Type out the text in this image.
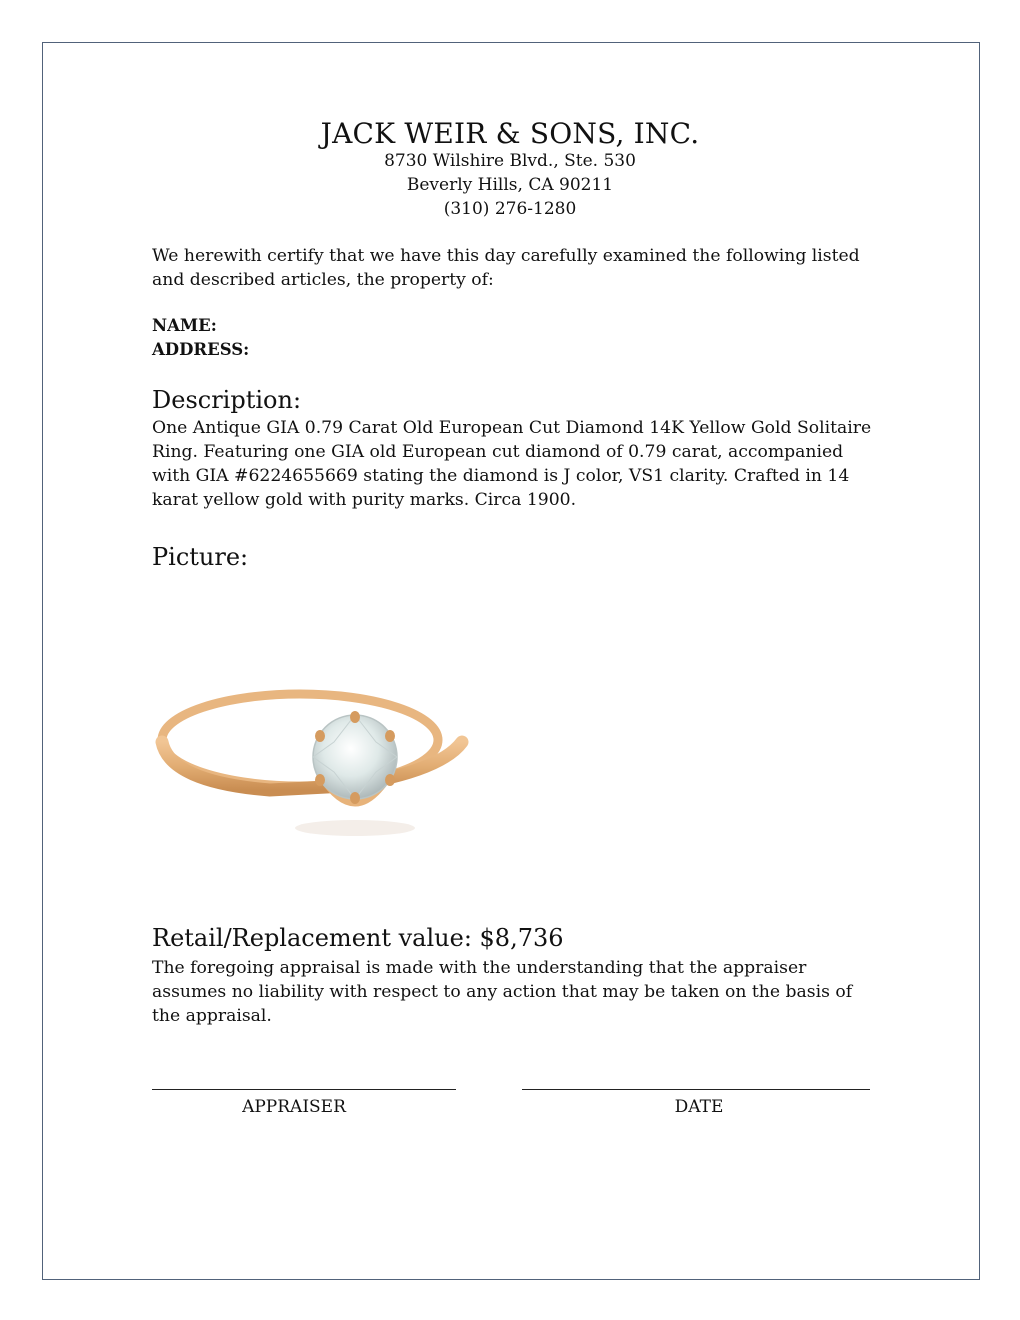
JACK WEIR & SONS, INC.
8730 Wilshire Blvd., Ste. 530
Beverly Hills, CA 90211
(310) 276-1280
We herewith certify that we have this day carefully examined the following listed and described articles, the property of:
NAME:
ADDRESS:
Description:
One Antique GIA 0.79 Carat Old European Cut Diamond 14K Yellow Gold Solitaire Ring. Featuring one GIA old European cut diamond of 0.79 carat, accompanied with GIA #6224655669 stating the diamond is J color, VS1 clarity. Crafted in 14 karat yellow gold with purity marks. Circa 1900.
Picture:
Retail/Replacement value: $8,736
The foregoing appraisal is made with the understanding that the appraiser assumes no liability with respect to any action that may be taken on the basis of the appraisal.
APPRAISER	DATE
